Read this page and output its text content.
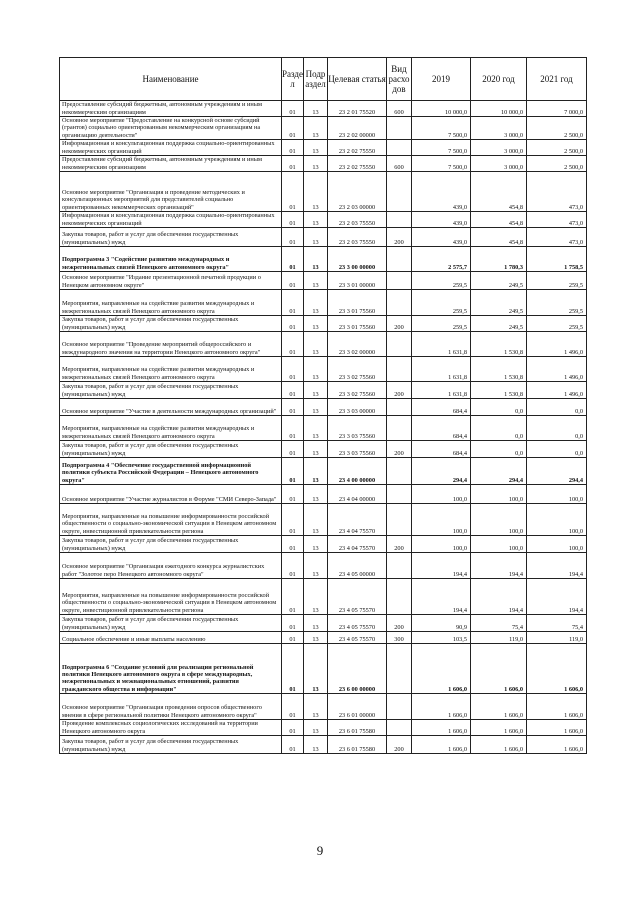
Наименование	Разде л	Подр аздел	Целевая статья	Вид расхо дов	2019	2020 год	2021 год
Предоставление субсидий бюджетным, автономным учреждениям и иным некоммерческим организациям	01	13	23 2 01 75520	600	10 000,0	10 000,0	7 000,0
Основное мероприятие "Предоставление на конкурсной основе субсидий (грантов) социально ориентированным некоммерческим организациям на организацию деятельности"	01	13	23 2 02 00000		7 500,0	3 000,0	2 500,0
Информационная и консультационная поддержка социально-ориентированных некоммерческих организаций	01	13	23 2 02 75550		7 500,0	3 000,0	2 500,0
Предоставление субсидий бюджетным, автономным учреждениям и иным некоммерческим организациям	01	13	23 2 02 75550	600	7 500,0	3 000,0	2 500,0
Основное мероприятие "Организация и проведение методических и консультационных мероприятий для представителей социально ориентированных некоммерческих организаций"	01	13	23 2 03 00000		439,0	454,8	473,0
Информационная и консультационная поддержка социально-ориентированных некоммерческих организаций	01	13	23 2 03 75550		439,0	454,8	473,0
Закупка товаров, работ и услуг для обеспечения государственных (муниципальных) нужд	01	13	23 2 03 75550	200	439,0	454,8	473,0
Подпрограмма 3 "Содействие развитию международных и межрегиональных связей Ненецкого автономного округа"	01	13	23 3 00 00000		2 575,7	1 780,3	1 758,5
Основное мероприятие "Издание презентационной печатной продукции о Ненецком автономном округе"	01	13	23 3 01 00000		259,5	249,5	259,5
Мероприятия, направленные на содействие развития международных и межрегиональных связей Ненецкого автономного округа	01	13	23 3 01 75560		259,5	249,5	259,5
Закупка товаров, работ и услуг для обеспечения государственных (муниципальных) нужд	01	13	23 3 01 75560	200	259,5	249,5	259,5
Основное мероприятие "Проведение мероприятий общероссийского и международного значения на территории Ненецкого автономного округа"	01	13	23 3 02 00000		1 631,8	1 530,8	1 496,0
Мероприятия, направленные на содействие развития международных и межрегиональных связей Ненецкого автономного округа	01	13	23 3 02 75560		1 631,8	1 530,8	1 496,0
Закупка товаров, работ и услуг для обеспечения государственных (муниципальных) нужд	01	13	23 3 02 75560	200	1 631,8	1 530,8	1 496,0
Основное мероприятие "Участие в деятельности международных организаций"	01	13	23 3 03 00000		684,4	0,0	0,0
Мероприятия, направленные на содействие развития международных и межрегиональных связей Ненецкого автономного округа	01	13	23 3 03 75560		684,4	0,0	0,0
Закупка товаров, работ и услуг для обеспечения государственных (муниципальных) нужд	01	13	23 3 03 75560	200	684,4	0,0	0,0
Подпрограмма 4 "Обеспечение государственной информационной политики субъекта Российской Федерации – Ненецкого автономного округа"	01	13	23 4 00 00000		294,4	294,4	294,4
Основное мероприятие "Участие журналистов в Форуме "СМИ Северо-Запада"	01	13	23 4 04 00000		100,0	100,0	100,0
Мероприятия, направленные на повышение информированности российской общественности о социально-экономической ситуации в Ненецком автономном округе, инвестиционной привлекательности региона	01	13	23 4 04 75570		100,0	100,0	100,0
Закупка товаров, работ и услуг для обеспечения государственных (муниципальных) нужд	01	13	23 4 04 75570	200	100,0	100,0	100,0
Основное мероприятие "Организация ежегодного конкурса журналистских работ "Золотое перо Ненецкого автономного округа"	01	13	23 4 05 00000		194,4	194,4	194,4
Мероприятия, направленные на повышение информированности российской общественности о социально-экономической ситуации в Ненецком автономном округе, инвестиционной привлекательности региона	01	13	23 4 05 75570		194,4	194,4	194,4
Закупка товаров, работ и услуг для обеспечения государственных (муниципальных) нужд	01	13	23 4 05 75570	200	90,9	75,4	75,4
Социальное обеспечение и иные выплаты населению	01	13	23 4 05 75570	300	103,5	119,0	119,0
Подпрограмма 6 "Создание условий для реализации региональной политики Ненецкого автономного округа в сфере международных, межрегиональных и межнациональных отношений, развития гражданского общества и информации"	01	13	23 6 00 00000		1 606,0	1 606,0	1 606,0
Основное мероприятие "Организация проведения опросов общественного мнения в сфере региональной политики Ненецкого автономного округа"	01	13	23 6 01 00000		1 606,0	1 606,0	1 606,0
Проведение комплексных социологических исследований на территории Ненецкого автономного округа	01	13	23 6 01 75580		1 606,0	1 606,0	1 606,0
Закупка товаров, работ и услуг для обеспечения государственных (муниципальных) нужд	01	13	23 6 01 75580	200	1 606,0	1 606,0	1 606,0
9
